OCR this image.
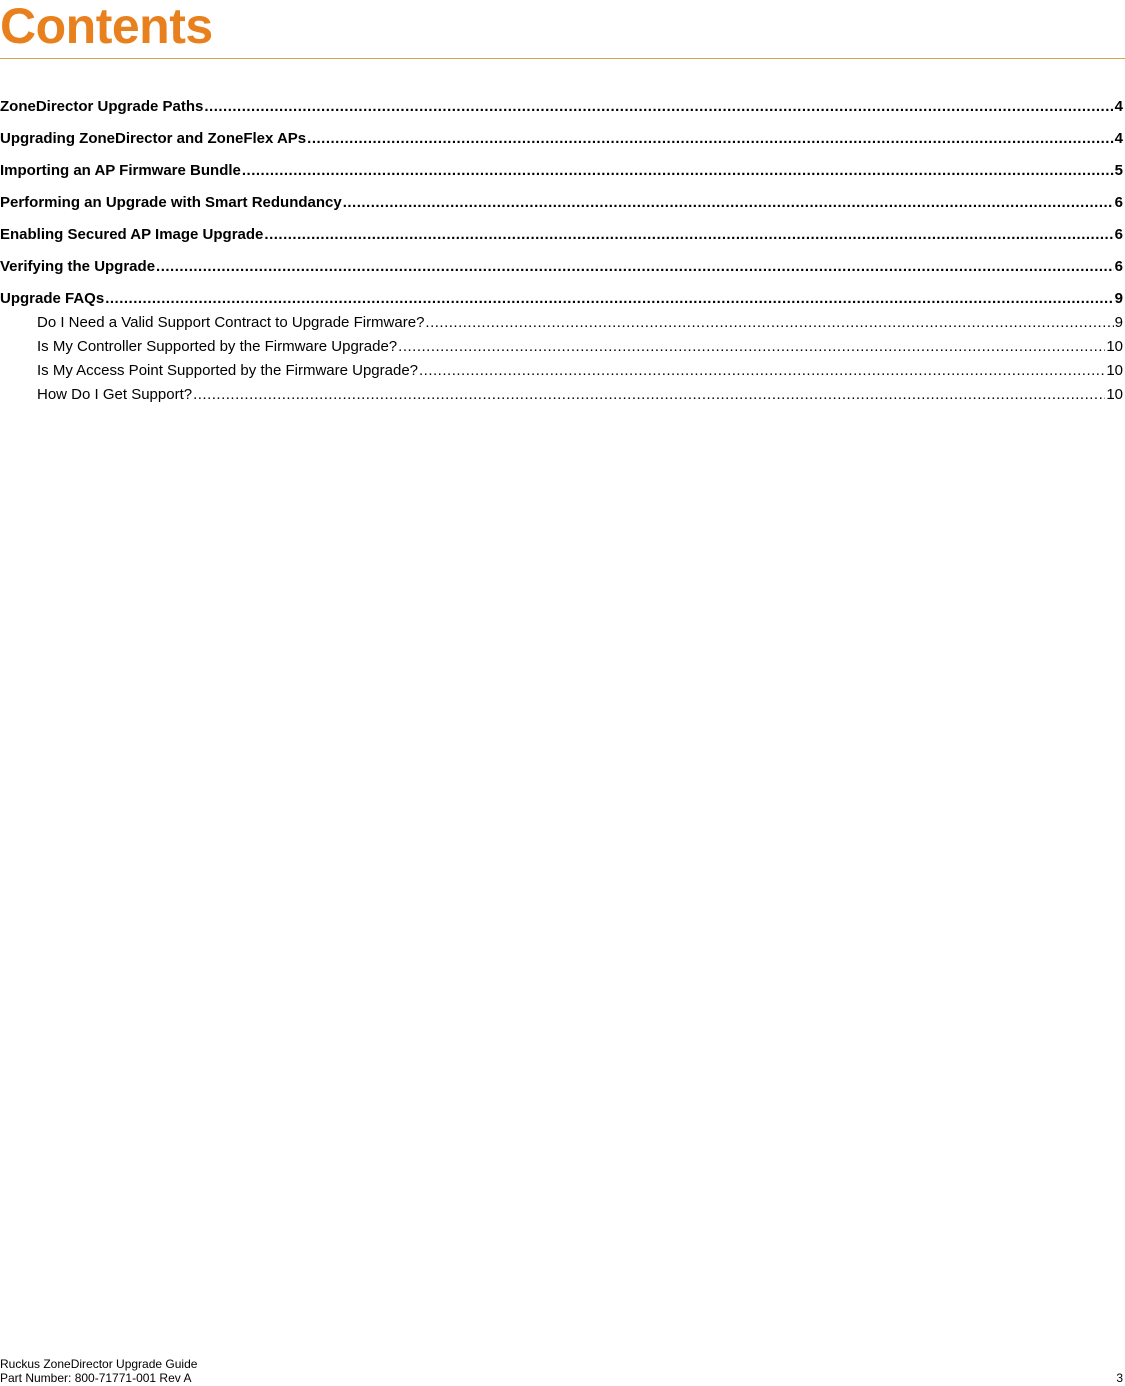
Contents
ZoneDirector Upgrade Paths .....	4
Upgrading ZoneDirector and ZoneFlex APs .....	4
Importing an AP Firmware Bundle .....	5
Performing an Upgrade with Smart Redundancy .....	6
Enabling Secured AP Image Upgrade .....	6
Verifying the Upgrade .....	6
Upgrade FAQs .....	9
Do I Need a Valid Support Contract to Upgrade Firmware? .....	9
Is My Controller Supported by the Firmware Upgrade? .....	10
Is My Access Point Supported by the Firmware Upgrade? .....	10
How Do I Get Support? .....	10
Ruckus ZoneDirector Upgrade Guide
Part Number: 800-71771-001 Rev A	3
